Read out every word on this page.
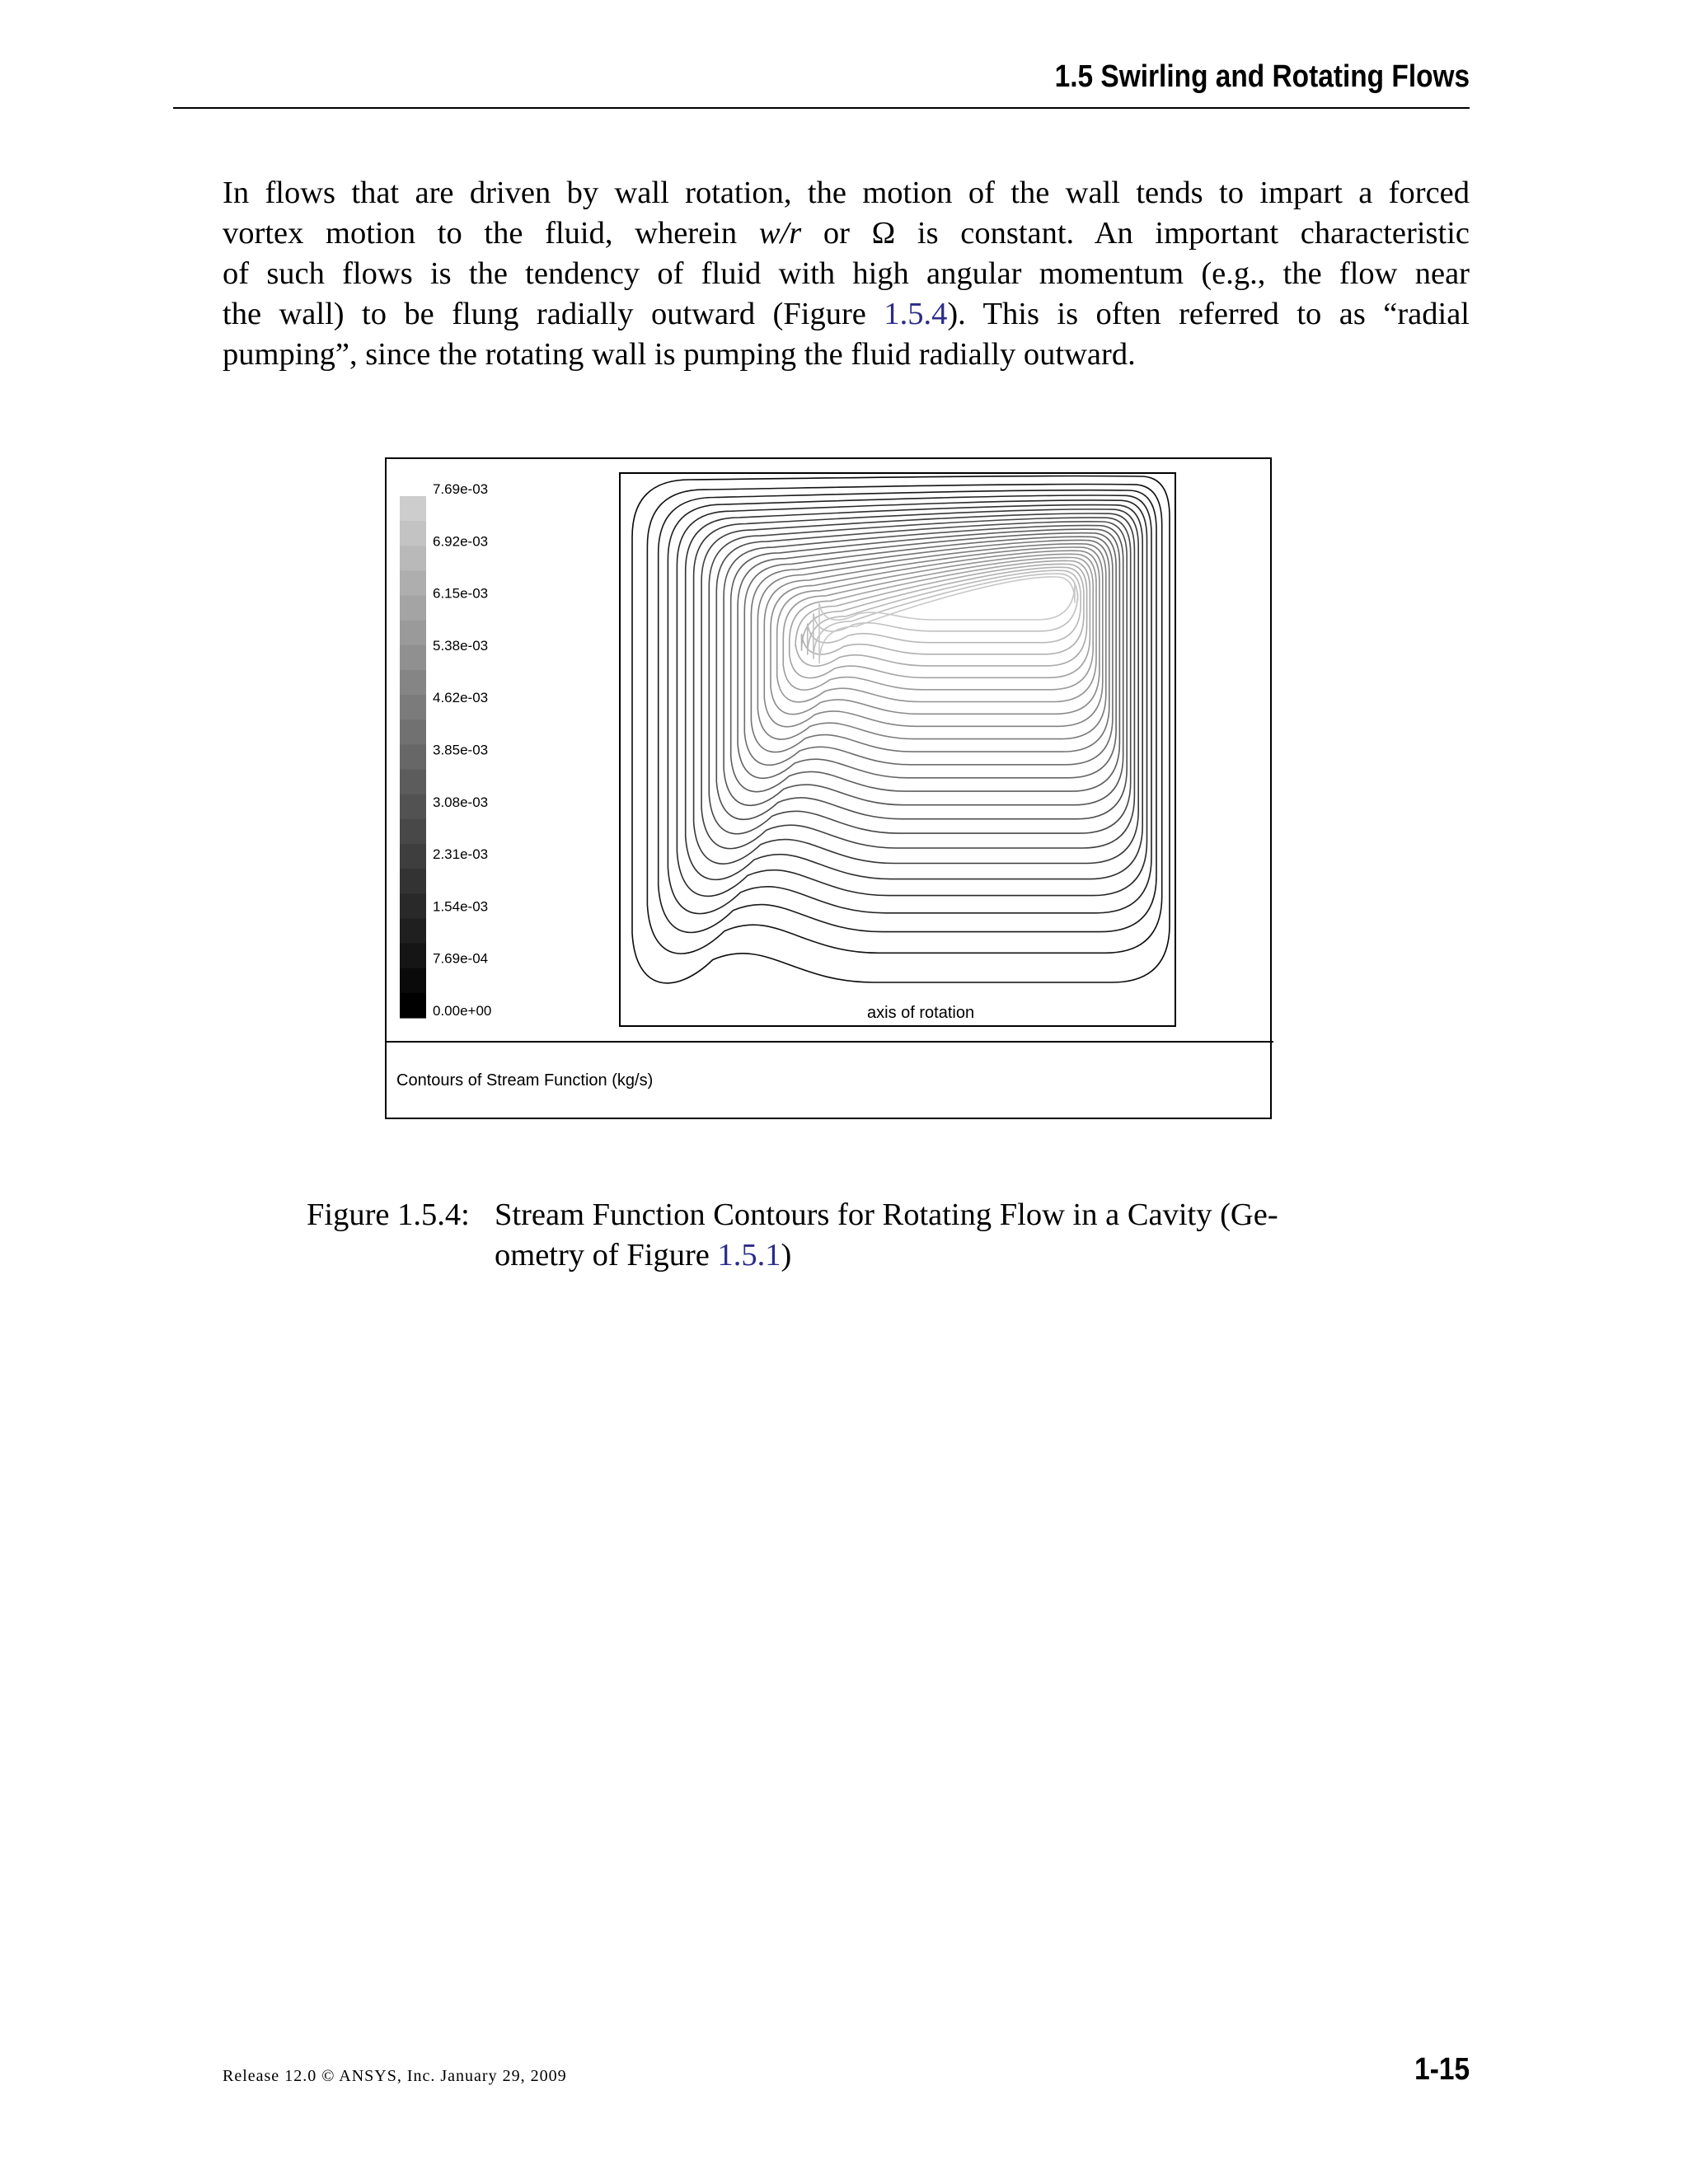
1.5 Swirling and Rotating Flows
In flows that are driven by wall rotation, the motion of the wall tends to impart a forced
vortex motion to the fluid, wherein w/r or Ω is constant. An important characteristic
of such flows is the tendency of fluid with high angular momentum (e.g., the flow near
the wall) to be flung radially outward (Figure 1.5.4). This is often referred to as “radial
pumping”, since the rotating wall is pumping the fluid radially outward.
7.69e-03
6.92e-03
6.15e-03
5.38e-03
4.62e-03
3.85e-03
3.08e-03
2.31e-03
1.54e-03
7.69e-04
0.00e+00	axis of rotation
Contours of Stream Function (kg/s)
Figure 1.5.4: Stream Function Contours for Rotating Flow in a Cavity (Ge-
ometry of Figure 1.5.1)
Release 12.0 © ANSYS, Inc. January 29, 2009	1-15
